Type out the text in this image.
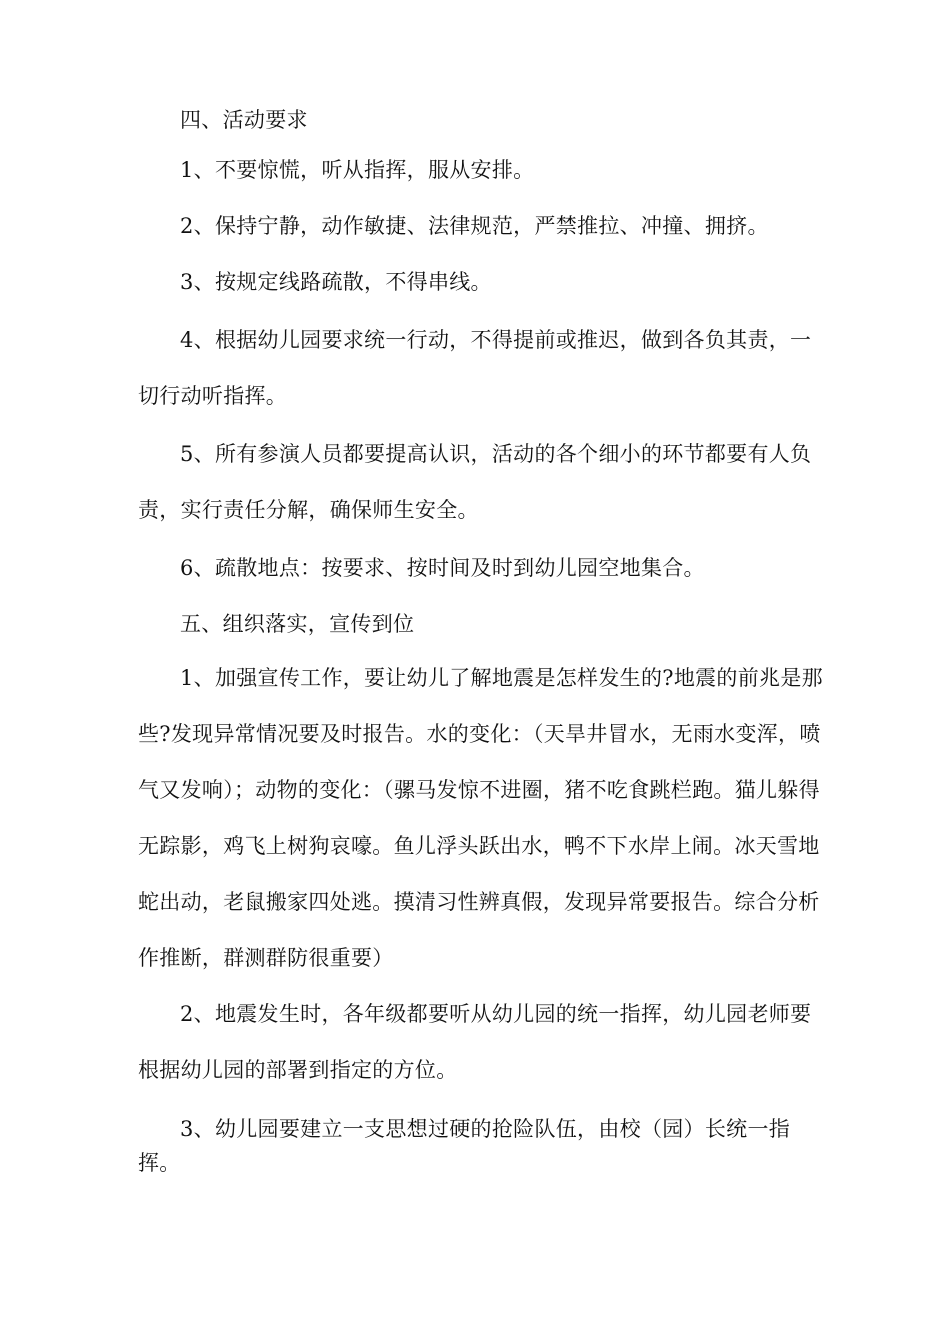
四、活动要求

1、不要惊慌，听从指挥，服从安排。

2、保持宁静，动作敏捷、法律规范，严禁推拉、冲撞、拥挤。

3、按规定线路疏散，不得串线。

4、根据幼儿园要求统一行动，不得提前或推迟，做到各负其责，一切行动听指挥。

5、所有参演人员都要提高认识，活动的各个细小的环节都要有人负责，实行责任分解，确保师生安全。

6、疏散地点：按要求、按时间及时到幼儿园空地集合。

五、组织落实，宣传到位

1、加强宣传工作，要让幼儿了解地震是怎样发生的?地震的前兆是那些?发现异常情况要及时报告。水的变化：（天旱井冒水，无雨水变浑，喷气又发响）；动物的变化：（骡马发惊不进圈，猪不吃食跳栏跑。猫儿躲得无踪影，鸡飞上树狗哀嚎。鱼儿浮头跃出水，鸭不下水岸上闹。冰天雪地蛇出动，老鼠搬家四处逃。摸清习性辨真假，发现异常要报告。综合分析作推断，群测群防很重要）

2、地震发生时，各年级都要听从幼儿园的统一指挥，幼儿园老师要根据幼儿园的部署到指定的方位。

3、幼儿园要建立一支思想过硬的抢险队伍，由校（园）长统一指挥。
